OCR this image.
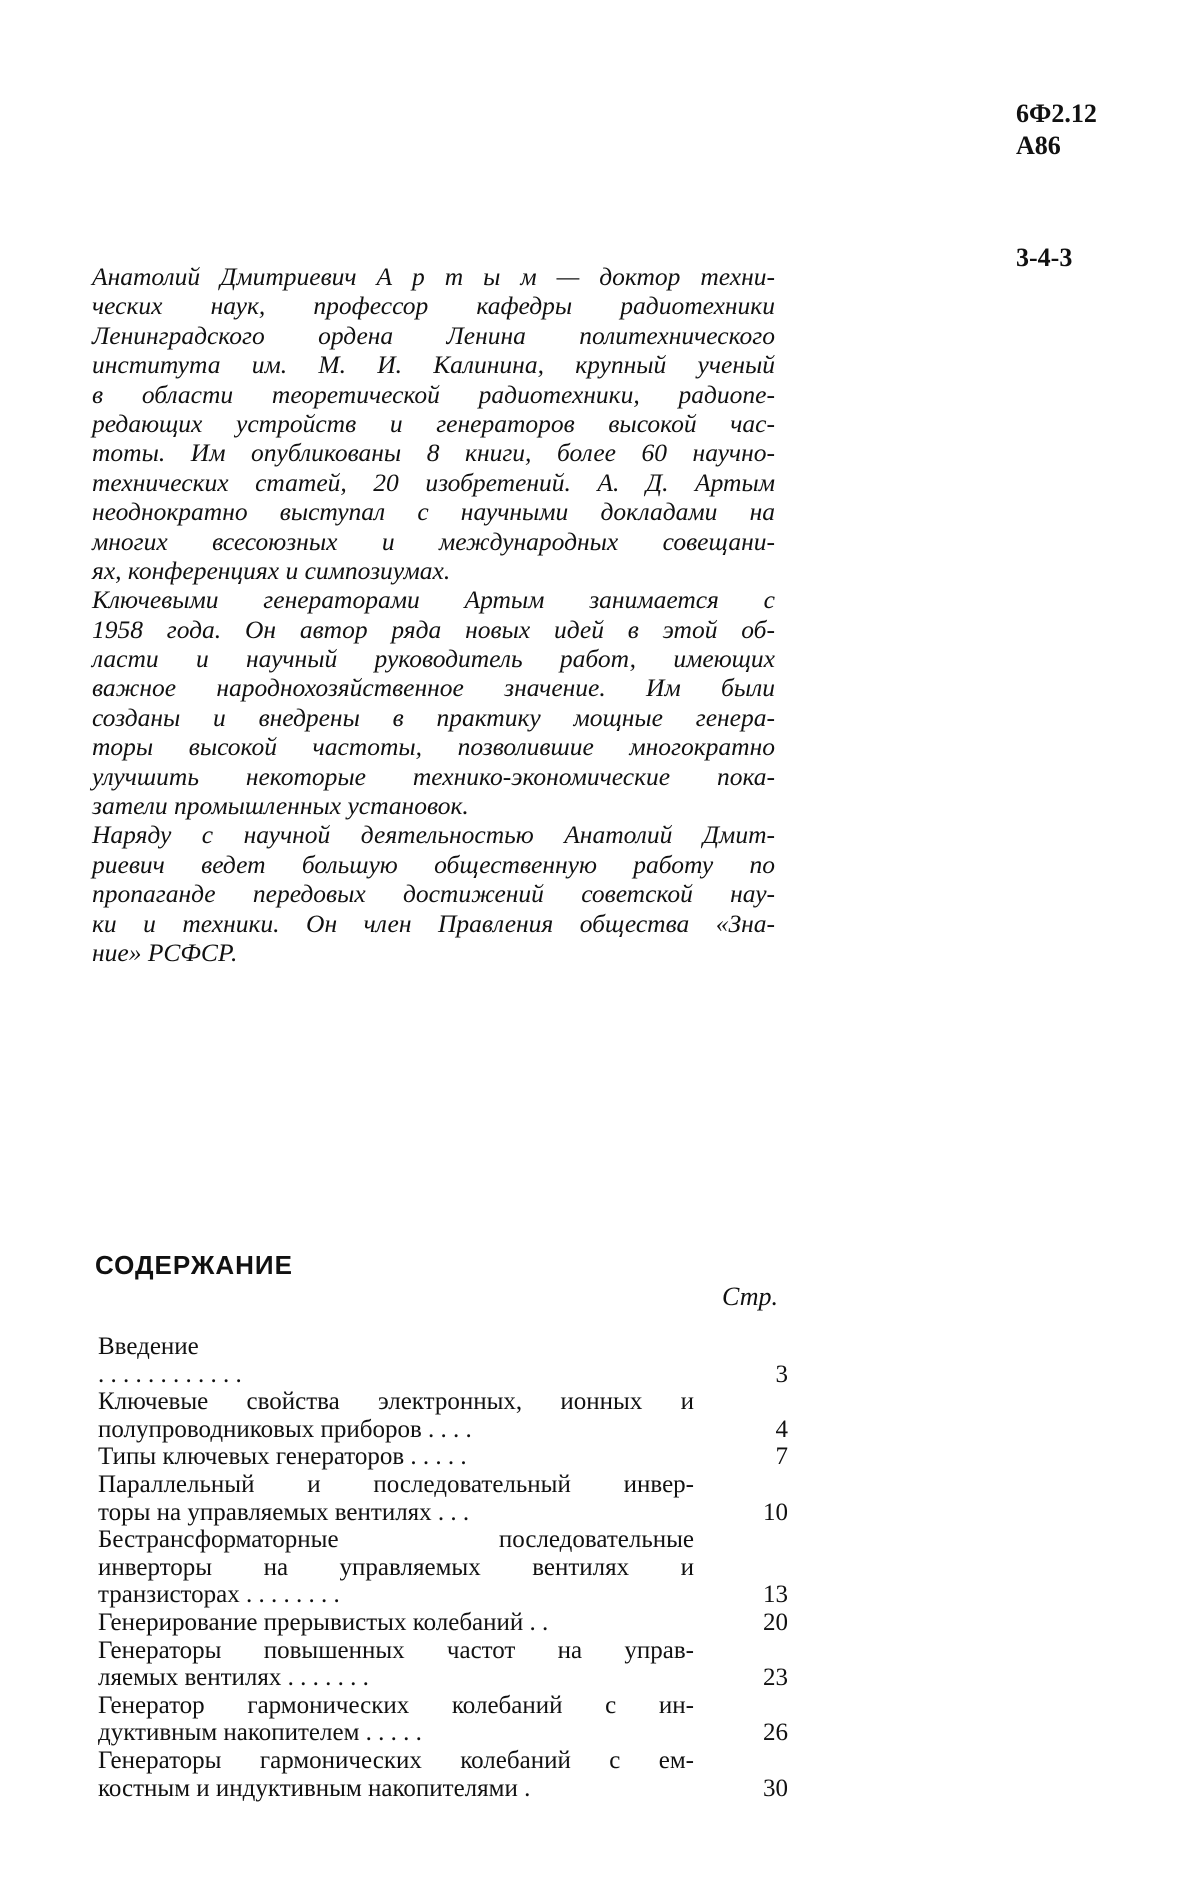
6Ф2.12
А86
3-4-3
Анатолий Дмитриевич А р т ы м — доктор техни-
ческих наук, профессор кафедры радиотехники
Ленинградского ордена Ленина политехнического
института им. М. И. Калинина, крупный ученый
в области теоретической радиотехники, радиопе-
редающих устройств и генераторов высокой час-
тоты. Им опубликованы 8 книги, более 60 научно-
технических статей, 20 изобретений. А. Д. Артым
неоднократно выступал с научными докладами на
многих всесоюзных и международных совещани-
ях, конференциях и симпозиумах.
Ключевыми генераторами Артым занимается с
1958 года. Он автор ряда новых идей в этой об-
ласти и научный руководитель работ, имеющих
важное народнохозяйственное значение. Им были
созданы и внедрены в практику мощные генера-
торы высокой частоты, позволившие многократно
улучшить некоторые технико-экономические пока-
затели промышленных установок.
Наряду с научной деятельностью Анатолий Дмит-
риевич ведет большую общественную работу по
пропаганде передовых достижений советской нау-
ки и техники. Он член Правления общества «Зна-
ние» РСФСР.
СОДЕРЖАНИЕ
Стр.
Введение
. . . . . . . . . . . .	3
Ключевые свойства электронных, ионных и
полупроводниковых приборов . . . .	4
Типы ключевых генераторов . . . . .	7
Параллельный и последовательный инвер-
торы на управляемых вентилях . . .	10
Бестрансформаторные последовательные
инверторы на управляемых вентилях и
транзисторах . . . . . . . .	13
Генерирование прерывистых колебаний . .	20
Генераторы повышенных частот на управ-
ляемых вентилях . . . . . . .	23
Генератор гармонических колебаний с ин-
дуктивным накопителем . . . . .	26
Генераторы гармонических колебаний с ем-
костным и индуктивным накопителями .	30
